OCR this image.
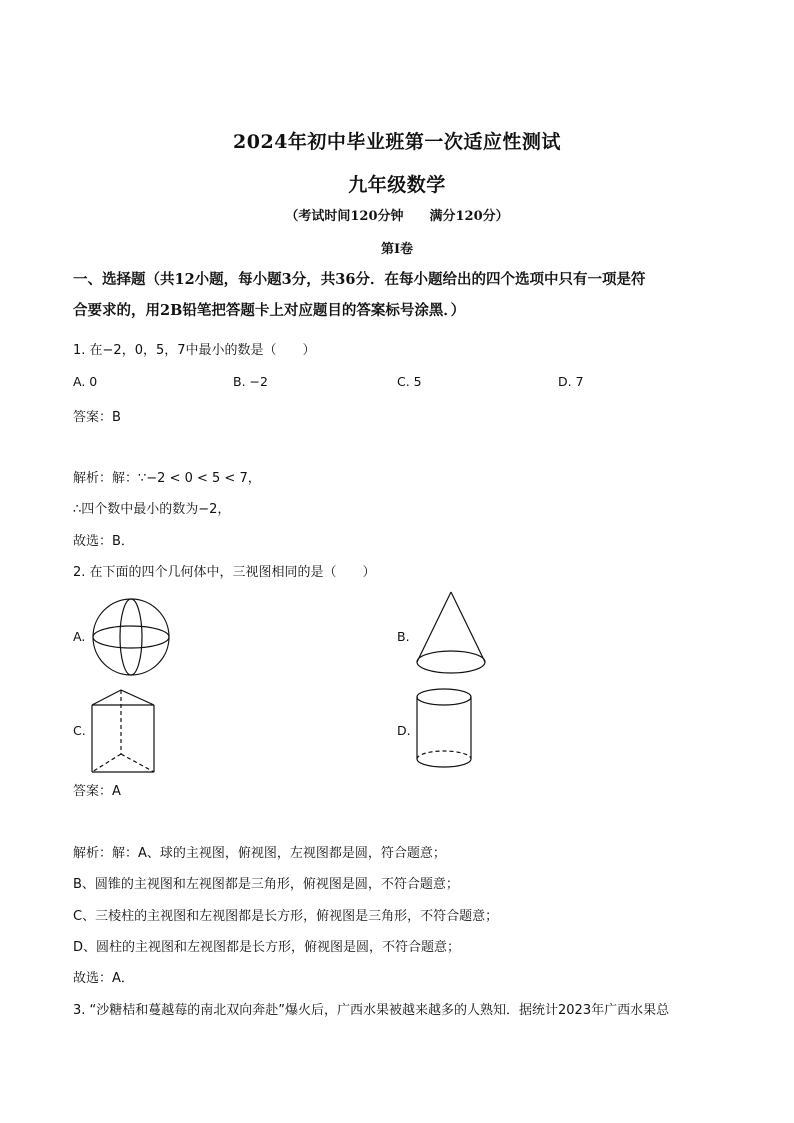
2024年初中毕业班第一次适应性测试
九年级数学
（考试时间120分钟　　满分120分）
第Ⅰ卷
一、选择题（共12小题，每小题3分，共36分．在每小题给出的四个选项中只有一项是符
合要求的，用2B铅笔把答题卡上对应题目的答案标号涂黑．）
1. 在−2，0，5，7中最小的数是（　　）
A. 0	B. −2	C. 5	D. 7
答案：B
解析：解：∵−2 < 0 < 5 < 7，
∴四个数中最小的数为−2，
故选：B．
2. 在下面的四个几何体中，三视图相同的是（　　）
A.	B.
C.	D.
答案：A
解析：解：A、球的主视图，俯视图，左视图都是圆，符合题意；
B、圆锥的主视图和左视图都是三角形，俯视图是圆，不符合题意；
C、三棱柱的主视图和左视图都是长方形，俯视图是三角形，不符合题意；
D、圆柱的主视图和左视图都是长方形，俯视图是圆，不符合题意；
故选：A．
3. “沙糖桔和蔓越莓的南北双向奔赴”爆火后，广西水果被越来越多的人熟知．据统计2023年广西水果总
